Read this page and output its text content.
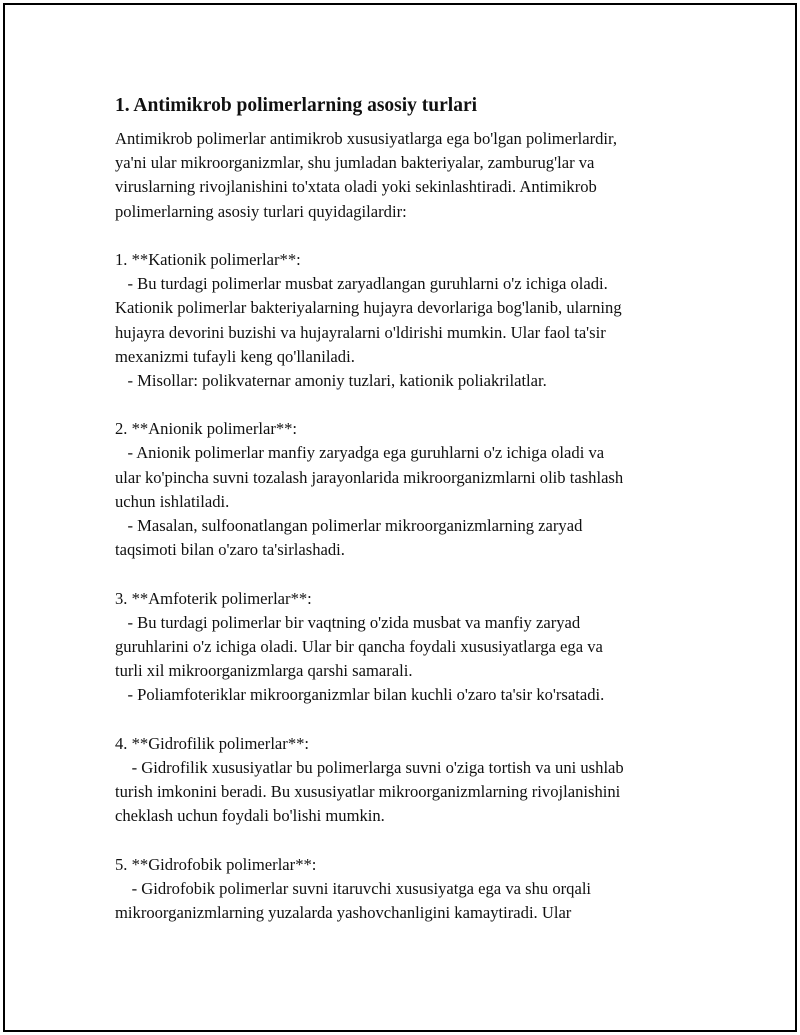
1. Antimikrob polimerlarning asosiy turlari
Antimikrob polimerlar antimikrob xususiyatlarga ega bo'lgan polimerlardir,
ya'ni ular mikroorganizmlar, shu jumladan bakteriyalar, zamburug'lar va
viruslarning rivojlanishini to'xtata oladi yoki sekinlashtiradi. Antimikrob
polimerlarning asosiy turlari quyidagilardir:
1. **Kationik polimerlar**:
- Bu turdagi polimerlar musbat zaryadlangan guruhlarni o'z ichiga oladi.
Kationik polimerlar bakteriyalarning hujayra devorlariga bog'lanib, ularning
hujayra devorini buzishi va hujayralarni o'ldirishi mumkin. Ular faol ta'sir
mexanizmi tufayli keng qo'llaniladi.
- Misollar: polikvaternar amoniy tuzlari, kationik poliakrilatlar.
2. **Anionik polimerlar**:
- Anionik polimerlar manfiy zaryadga ega guruhlarni o'z ichiga oladi va
ular ko'pincha suvni tozalash jarayonlarida mikroorganizmlarni olib tashlash
uchun ishlatiladi.
- Masalan, sulfoonatlangan polimerlar mikroorganizmlarning zaryad
taqsimoti bilan o'zaro ta'sirlashadi.
3. **Amfoterik polimerlar**:
- Bu turdagi polimerlar bir vaqtning o'zida musbat va manfiy zaryad
guruhlarini o'z ichiga oladi. Ular bir qancha foydali xususiyatlarga ega va
turli xil mikroorganizmlarga qarshi samarali.
- Poliamfoteriklar mikroorganizmlar bilan kuchli o'zaro ta'sir ko'rsatadi.
4. **Gidrofilik polimerlar**:
- Gidrofilik xususiyatlar bu polimerlarga suvni o'ziga tortish va uni ushlab
turish imkonini beradi. Bu xususiyatlar mikroorganizmlarning rivojlanishini
cheklash uchun foydali bo'lishi mumkin.
5. **Gidrofobik polimerlar**:
- Gidrofobik polimerlar suvni itaruvchi xususiyatga ega va shu orqali
mikroorganizmlarning yuzalarda yashovchanligini kamaytiradi. Ular
